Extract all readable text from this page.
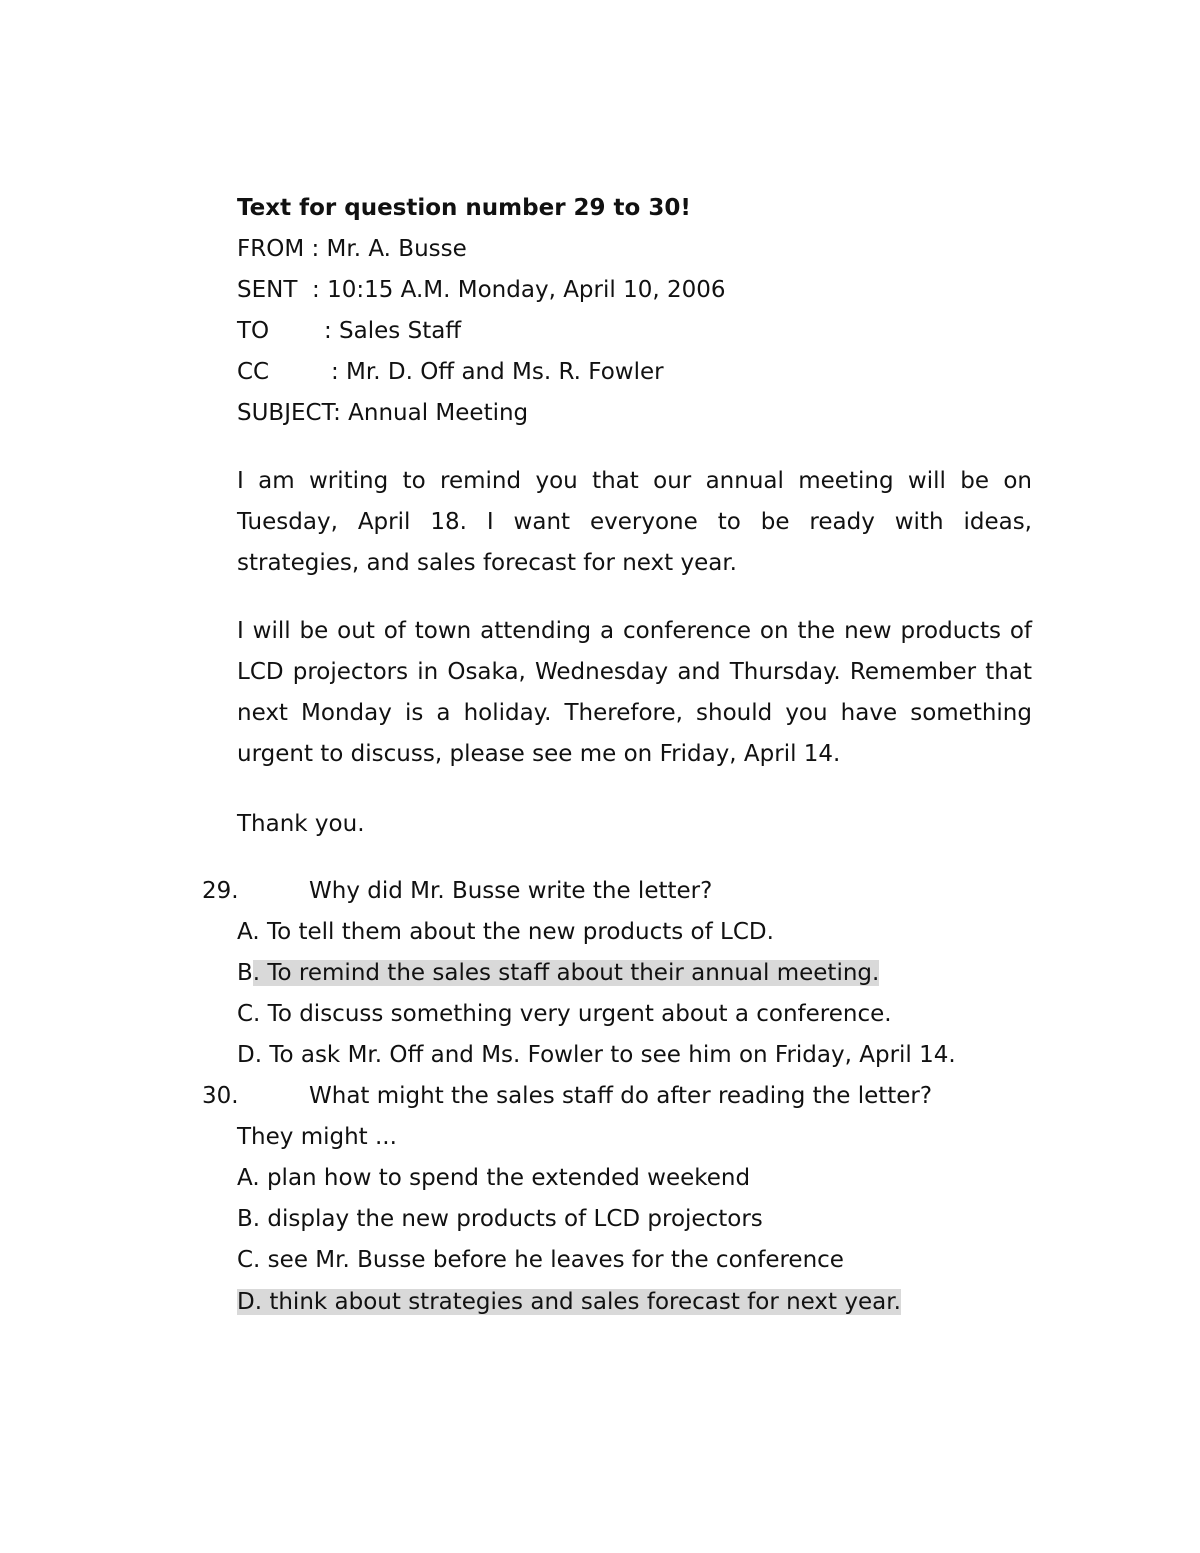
Text for question number 29 to 30!
FROM : Mr. A. Busse
SENT  : 10:15 A.M. Monday, April 10, 2006
TO : Sales Staff
CC	: Mr. D. Off and Ms. R. Fowler
SUBJECT: Annual Meeting
I am writing to remind you that our annual meeting will be on Tuesday, April 18. I want everyone to be ready with ideas, strategies, and sales forecast for next year.
I will be out of town attending a conference on the new products of LCD projectors in Osaka, Wednesday and Thursday. Remember that next Monday is a holiday. Therefore, should you have something urgent to discuss, please see me on Friday, April 14.
Thank you.
29.	Why did Mr. Busse write the letter?
A. To tell them about the new products of LCD.
B. To remind the sales staff about their annual meeting.
C. To discuss something very urgent about a conference.
D. To ask Mr. Off and Ms. Fowler to see him on Friday, April 14.
30.	What might the sales staff do after reading the letter?
They might ...
A. plan how to spend the extended weekend
B. display the new products of LCD projectors
C. see Mr. Busse before he leaves for the conference
D. think about strategies and sales forecast for next year.
